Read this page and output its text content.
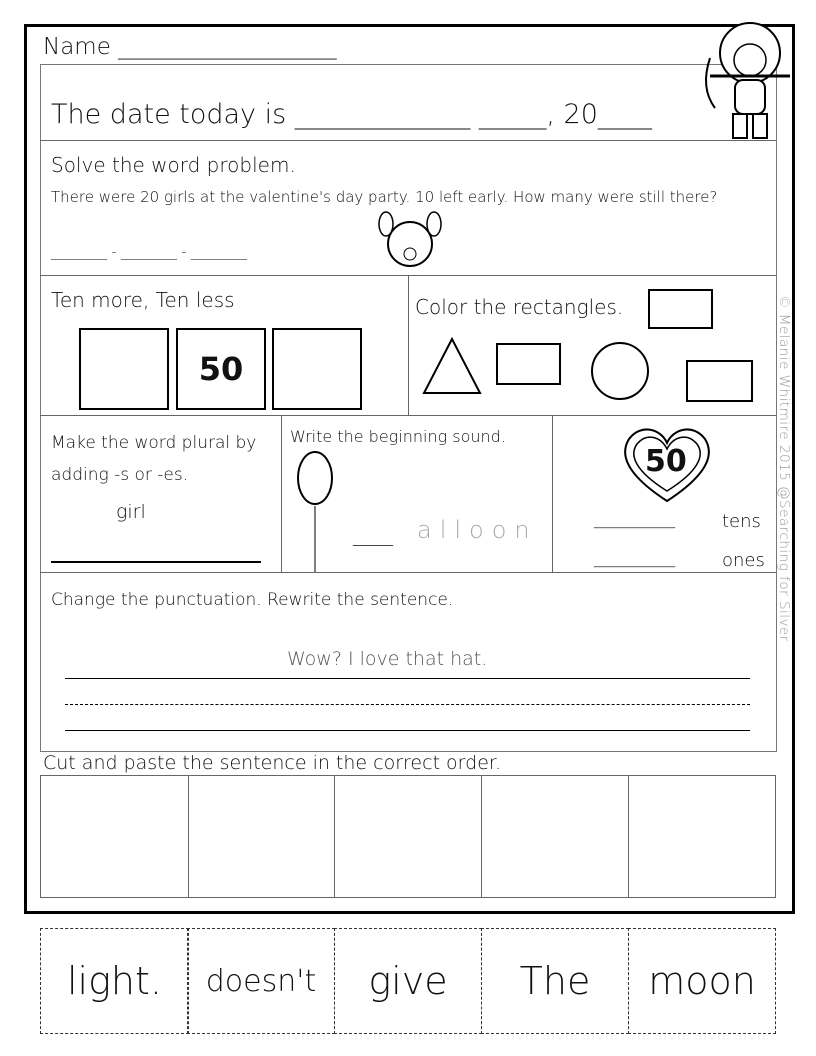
Name ___________________
The date today is _____________ _____, 20____
Solve the word problem.
There were 20 girls at the valentine's day party. 10 left early. How many were still there?
________ - ________ - ________
Ten more, Ten less
50
Color the rectangles.
Make the word plural by
adding -s or -es.
girl
Write the beginning sound.
____ alloon
50
_________	tens
_________	ones
Change the punctuation. Rewrite the sentence.
Wow? I love that hat.
Cut and paste the sentence in the correct order.
light.	doesn't	give	The	moon
© Melanie Whitmire 2015 @Searching for Silver
